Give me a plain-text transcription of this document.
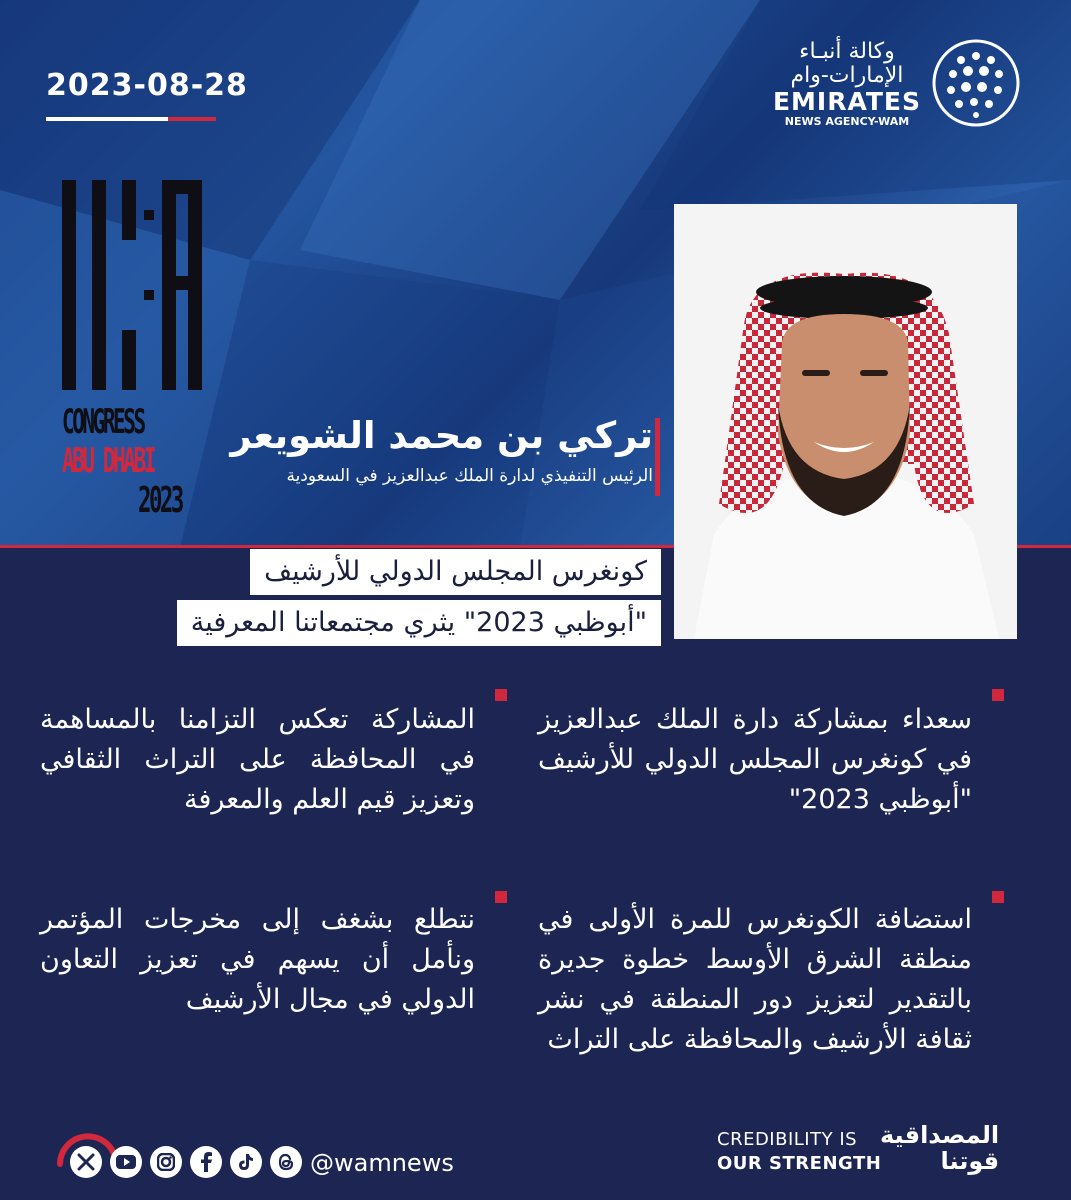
2023-08-28
وكالة أنبـاء
الإمارات-وام
EMIRATES
NEWS AGENCY-WAM
CONGRESS
ABU DHABI
2023
تركي بن محمد الشويعر
الرئيس التنفيذي لدارة الملك عبدالعزيز في السعودية
كونغرس المجلس الدولي للأرشيف
"أبوظبي 2023" يثري مجتمعاتنا المعرفية
سعداء بمشاركة دارة الملك عبدالعزيز في كونغرس المجلس الدولي للأرشيف "أبوظبي 2023"
المشاركة تعكس التزامنا بالمساهمة في المحافظة على التراث الثقافي وتعزيز قيم العلم والمعرفة
استضافة الكونغرس للمرة الأولى في منطقة الشرق الأوسط خطوة جديرة بالتقدير لتعزيز دور المنطقة في نشر ثقافة الأرشيف والمحافظة على التراث
نتطلع بشغف إلى مخرجات المؤتمر ونأمل أن يسهم في تعزيز التعاون الدولي في مجال الأرشيف
@wamnews
CREDIBILITY IS
OUR STRENGTH
المصداقية
قوتنا
